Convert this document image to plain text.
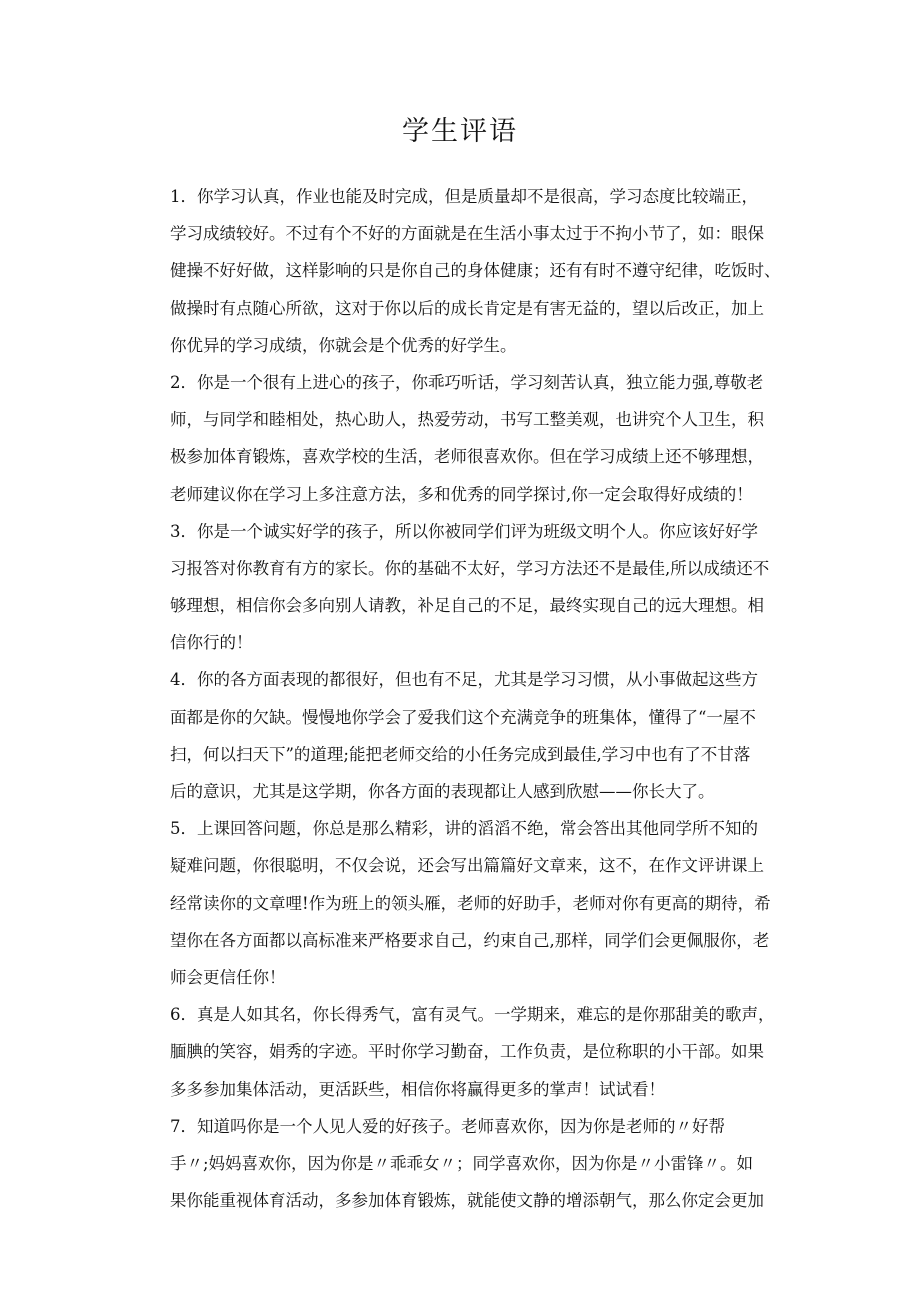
学生评语
1．你学习认真，作业也能及时完成，但是质量却不是很高，学习态度比较端正，
学习成绩较好。不过有个不好的方面就是在生活小事太过于不拘小节了，如：眼保
健操不好好做，这样影响的只是你自己的身体健康；还有有时不遵守纪律，吃饭时、
做操时有点随心所欲，这对于你以后的成长肯定是有害无益的，望以后改正，加上
你优异的学习成绩，你就会是个优秀的好学生。
2．你是一个很有上进心的孩子，你乖巧听话，学习刻苦认真，独立能力强,尊敬老
师，与同学和睦相处，热心助人，热爱劳动，书写工整美观，也讲究个人卫生，积
极参加体育锻炼，喜欢学校的生活，老师很喜欢你。但在学习成绩上还不够理想，
老师建议你在学习上多注意方法，多和优秀的同学探讨,你一定会取得好成绩的！
3．你是一个诚实好学的孩子，所以你被同学们评为班级文明个人。你应该好好学
习报答对你教育有方的家长。你的基础不太好，学习方法还不是最佳,所以成绩还不
够理想，相信你会多向别人请教，补足自己的不足，最终实现自己的远大理想。相
信你行的！
4．你的各方面表现的都很好，但也有不足，尤其是学习习惯，从小事做起这些方
面都是你的欠缺。慢慢地你学会了爱我们这个充满竞争的班集体，懂得了“一屋不
扫，何以扫天下”的道理;能把老师交给的小任务完成到最佳,学习中也有了不甘落
后的意识，尤其是这学期，你各方面的表现都让人感到欣慰——你长大了。
5．上课回答问题，你总是那么精彩，讲的滔滔不绝，常会答出其他同学所不知的
疑难问题，你很聪明，不仅会说，还会写出篇篇好文章来，这不，在作文评讲课上
经常读你的文章哩!作为班上的领头雁，老师的好助手，老师对你有更高的期待，希
望你在各方面都以高标准来严格要求自己，约束自己,那样，同学们会更佩服你，老
师会更信任你！
6．真是人如其名，你长得秀气，富有灵气。一学期来，难忘的是你那甜美的歌声，
腼腆的笑容，娟秀的字迹。平时你学习勤奋，工作负责，是位称职的小干部。如果
多多参加集体活动，更活跃些，相信你将赢得更多的掌声！试试看！
7．知道吗你是一个人见人爱的好孩子。老师喜欢你，因为你是老师的〃好帮
手〃;妈妈喜欢你，因为你是〃乖乖女〃；同学喜欢你，因为你是〃小雷锋〃。如
果你能重视体育活动，多参加体育锻炼，就能使文静的增添朝气，那么你定会更加
